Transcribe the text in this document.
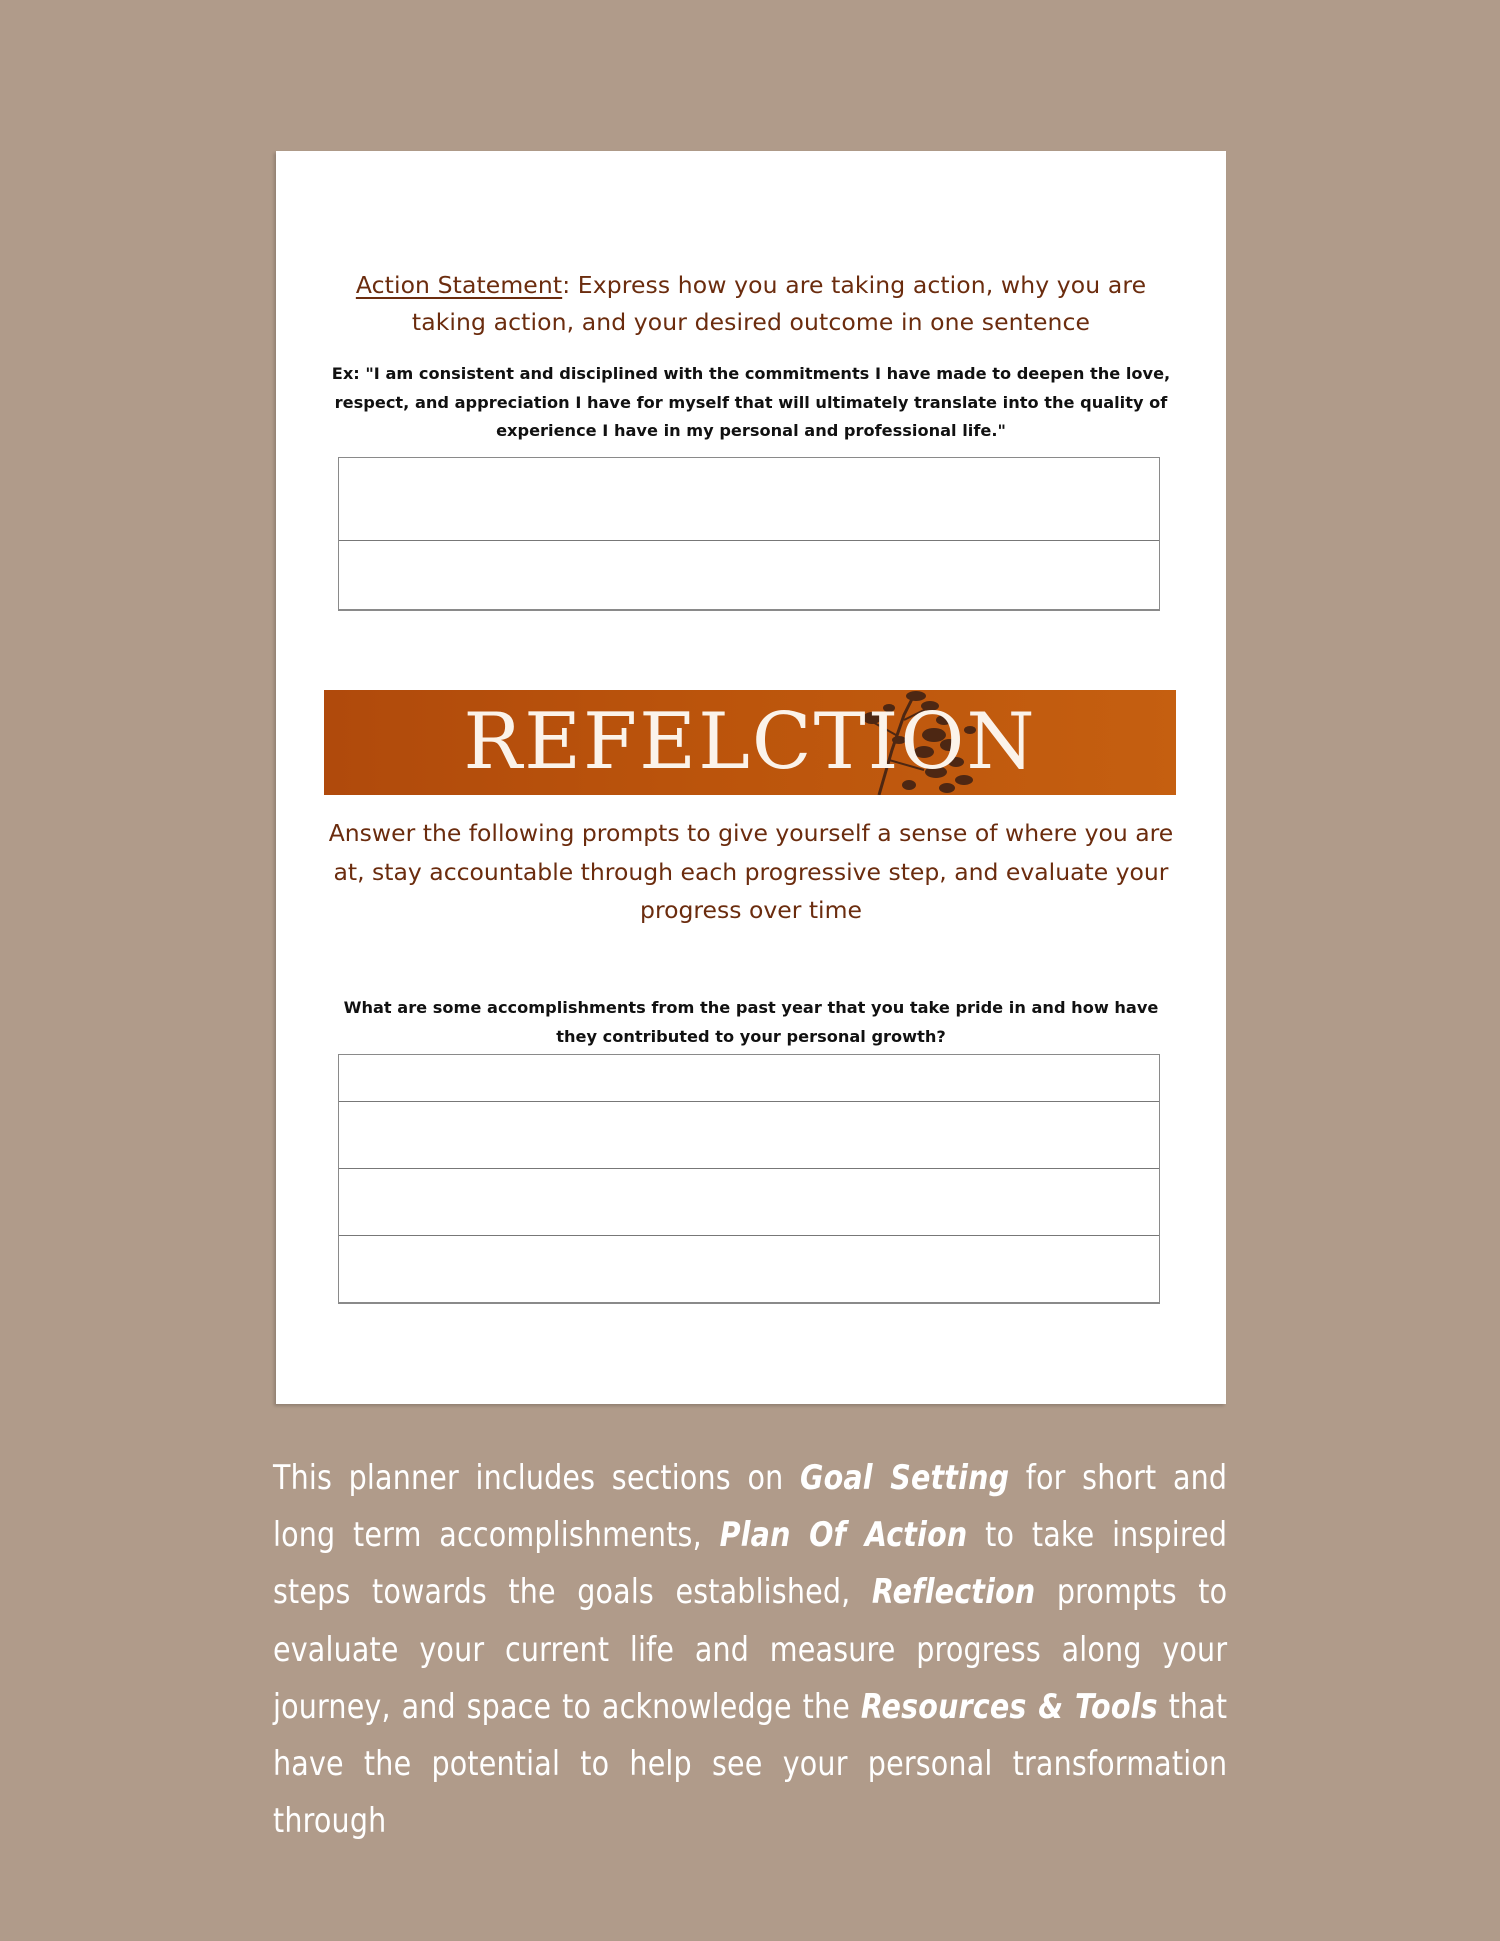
Action Statement: Express how you are taking action, why you are taking action, and your desired outcome in one sentence
Ex: "I am consistent and disciplined with the commitments I have made to deepen the love, respect, and appreciation I have for myself that will ultimately translate into the quality of experience I have in my personal and professional life."
REFELCTION
Answer the following prompts to give yourself a sense of where you are at, stay accountable through each progressive step, and evaluate your progress over time
What are some accomplishments from the past year that you take pride in and how have they contributed to your personal growth?
This planner includes sections on Goal Setting for short and long term accomplishments, Plan Of Action to take inspired steps towards the goals established, Reflection prompts to evaluate your current life and measure progress along your journey, and space to acknowledge the Resources & Tools that have the potential to help see your personal transformation through
